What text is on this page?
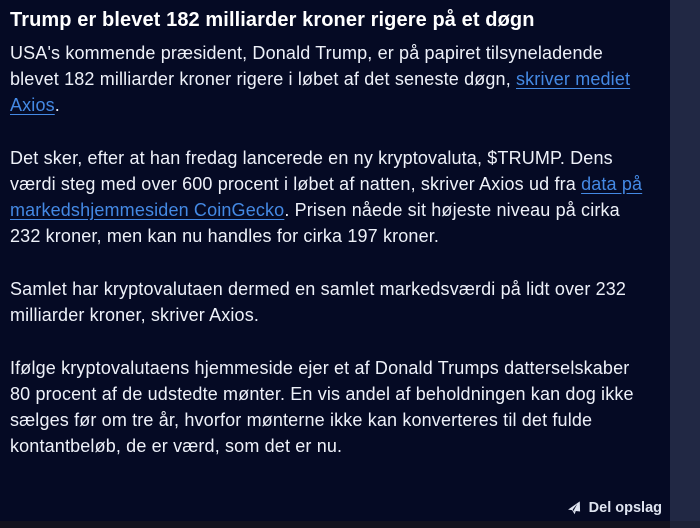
Trump er blevet 182 milliarder kroner rigere på et døgn

USA's kommende præsident, Donald Trump, er på papiret tilsyneladende blevet 182 milliarder kroner rigere i løbet af det seneste døgn, skriver mediet Axios.

Det sker, efter at han fredag lancerede en ny kryptovaluta, $TRUMP. Dens værdi steg med over 600 procent i løbet af natten, skriver Axios ud fra data på markedshjemmesiden CoinGecko. Prisen nåede sit højeste niveau på cirka 232 kroner, men kan nu handles for cirka 197 kroner.

Samlet har kryptovalutaen dermed en samlet markedsværdi på lidt over 232 milliarder kroner, skriver Axios.

Ifølge kryptovalutaens hjemmeside ejer et af Donald Trumps datterselskaber 80 procent af de udstedte mønter. En vis andel af beholdningen kan dog ikke sælges før om tre år, hvorfor mønterne ikke kan konverteres til det fulde kontantbeløb, de er værd, som det er nu.

Del opslag
